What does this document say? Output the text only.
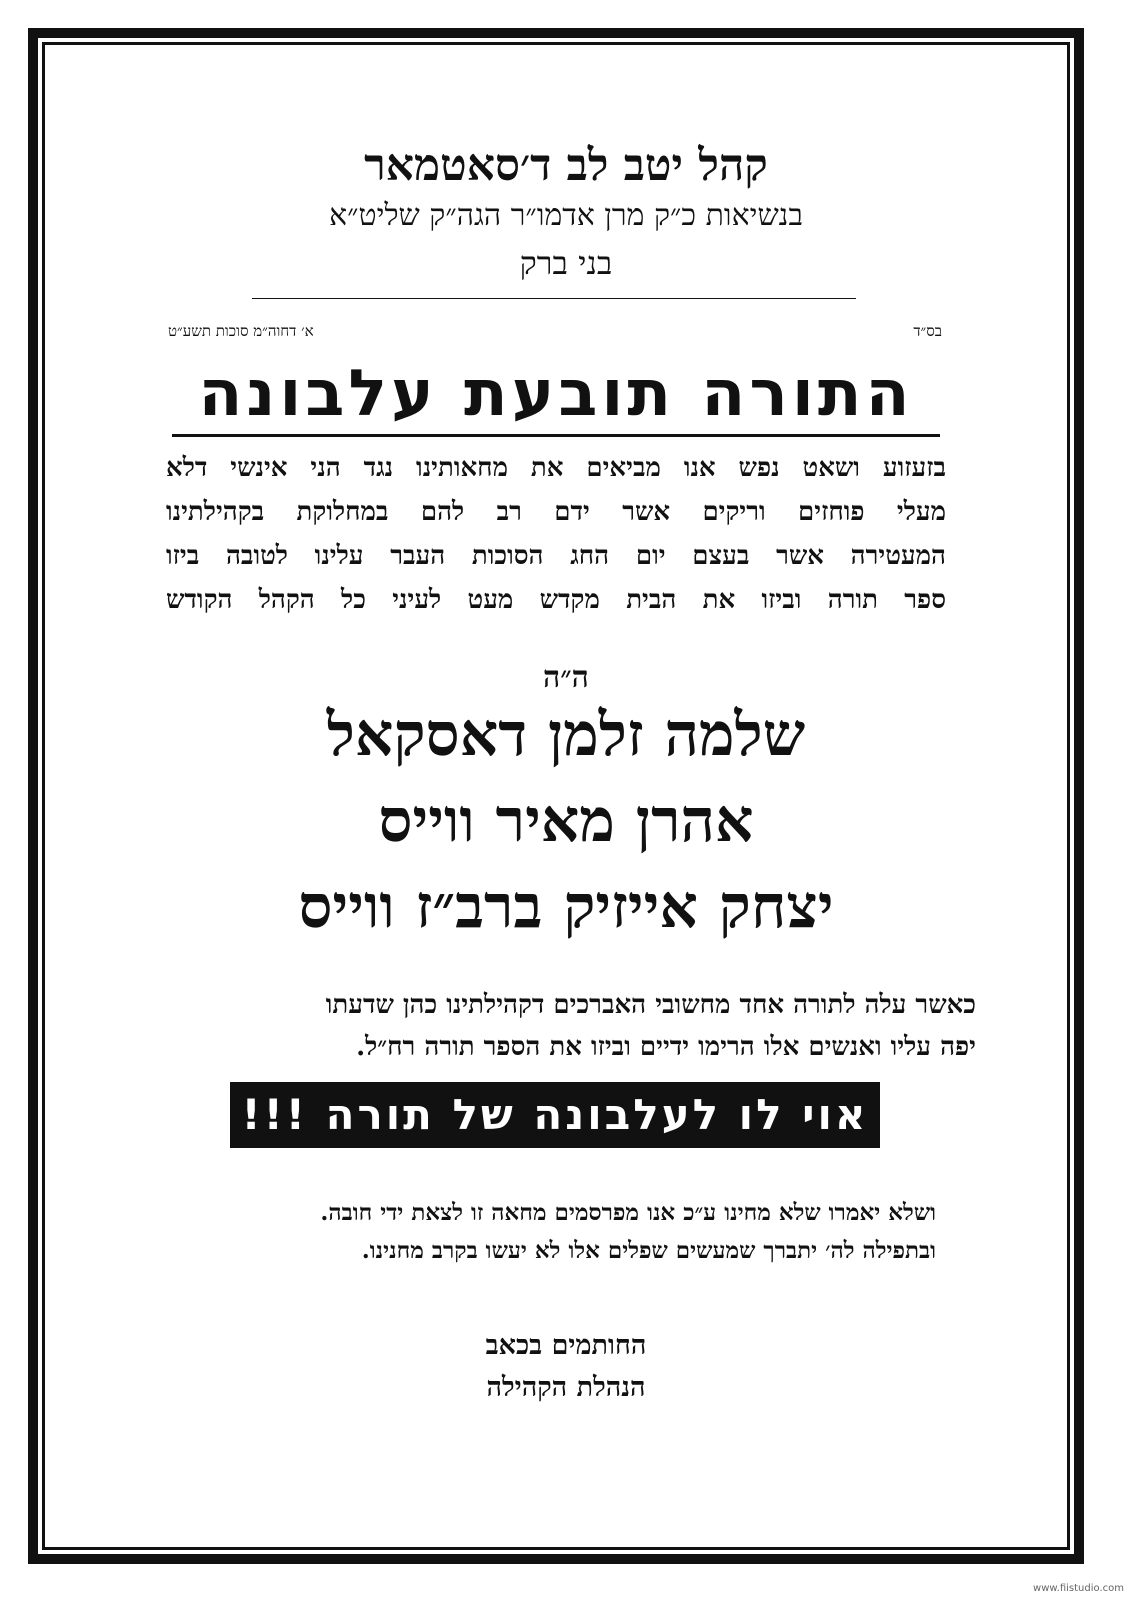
קהל יטב לב ד׳סאטמאר
בנשיאות כ״ק מרן אדמו״ר הגה״ק שליט״א
בני ברק
בס״ד
א׳ דחוה״מ סוכות תשע״ט
התורה תובעת עלבונה
בזעזוע ושאט נפש אנו מביאים את מחאותינו נגד הני אינשי דלא
מעלי פוחזים וריקים אשר ידם רב להם במחלוקת בקהילתינו
המעטירה אשר בעצם יום החג הסוכות העבר עלינו לטובה ביזו
ספר תורה וביזו את הבית מקדש מעט לעיני כל הקהל הקודש
ה״ה
שלמה זלמן דאסקאל
אהרן מאיר ווייס
יצחק אייזיק ברב״ז ווייס
כאשר עלה לתורה אחד מחשובי האברכים דקהילתינו כהן שדעתו
יפה עליו ואנשים אלו הרימו ידיים וביזו את הספר תורה רח״ל.
אוי לו לעלבונה של תורה !!!
ושלא יאמרו שלא מחינו ע״כ אנו מפרסמים מחאה זו לצאת ידי חובה.
ובתפילה לה׳ יתברך שמעשים שפלים אלו לא יעשו בקרב מחנינו.
החותמים בכאב
הנהלת הקהילה
www.fiistudio.com
